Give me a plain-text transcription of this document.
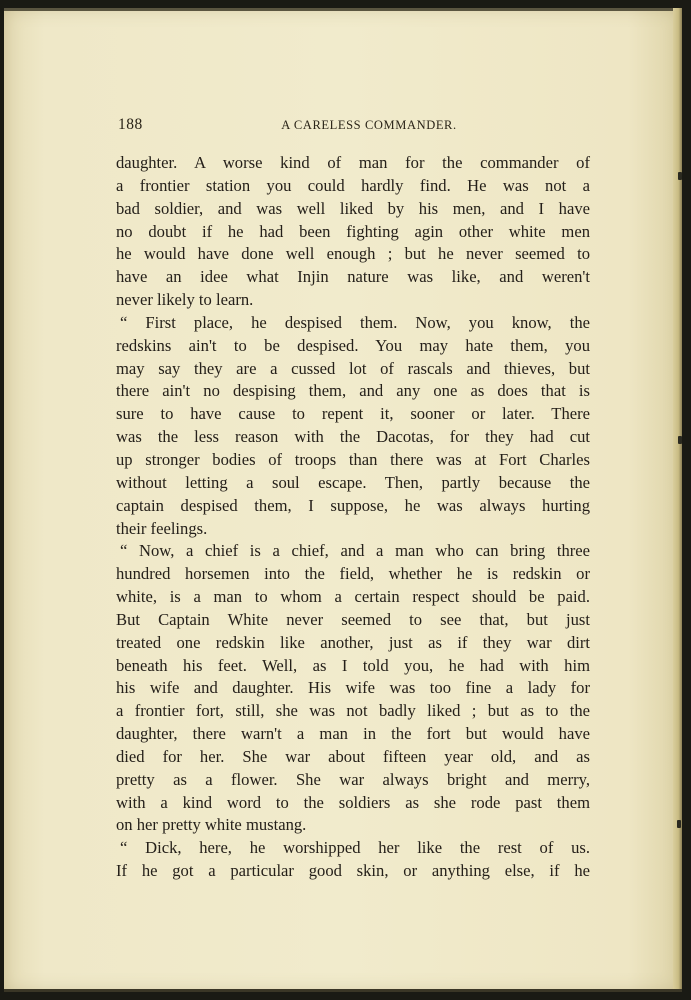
188	A CARELESS COMMANDER.
daughter. A worse kind of man for the commander of
a frontier station you could hardly find. He was not a
bad soldier, and was well liked by his men, and I have
no doubt if he had been fighting agin other white men
he would have done well enough ; but he never seemed to
have an idee what Injin nature was like, and weren't
never likely to learn.
“ First place, he despised them. Now, you know, the
redskins ain't to be despised. You may hate them, you
may say they are a cussed lot of rascals and thieves, but
there ain't no despising them, and any one as does that is
sure to have cause to repent it, sooner or later. There
was the less reason with the Dacotas, for they had cut
up stronger bodies of troops than there was at Fort Charles
without letting a soul escape. Then, partly because the
captain despised them, I suppose, he was always hurting
their feelings.
“ Now, a chief is a chief, and a man who can bring three
hundred horsemen into the field, whether he is redskin or
white, is a man to whom a certain respect should be paid.
But Captain White never seemed to see that, but just
treated one redskin like another, just as if they war dirt
beneath his feet. Well, as I told you, he had with him
his wife and daughter. His wife was too fine a lady for
a frontier fort, still, she was not badly liked ; but as to the
daughter, there warn't a man in the fort but would have
died for her. She war about fifteen year old, and as
pretty as a flower. She war always bright and merry,
with a kind word to the soldiers as she rode past them
on her pretty white mustang.
“ Dick, here, he worshipped her like the rest of us.
If he got a particular good skin, or anything else, if he
